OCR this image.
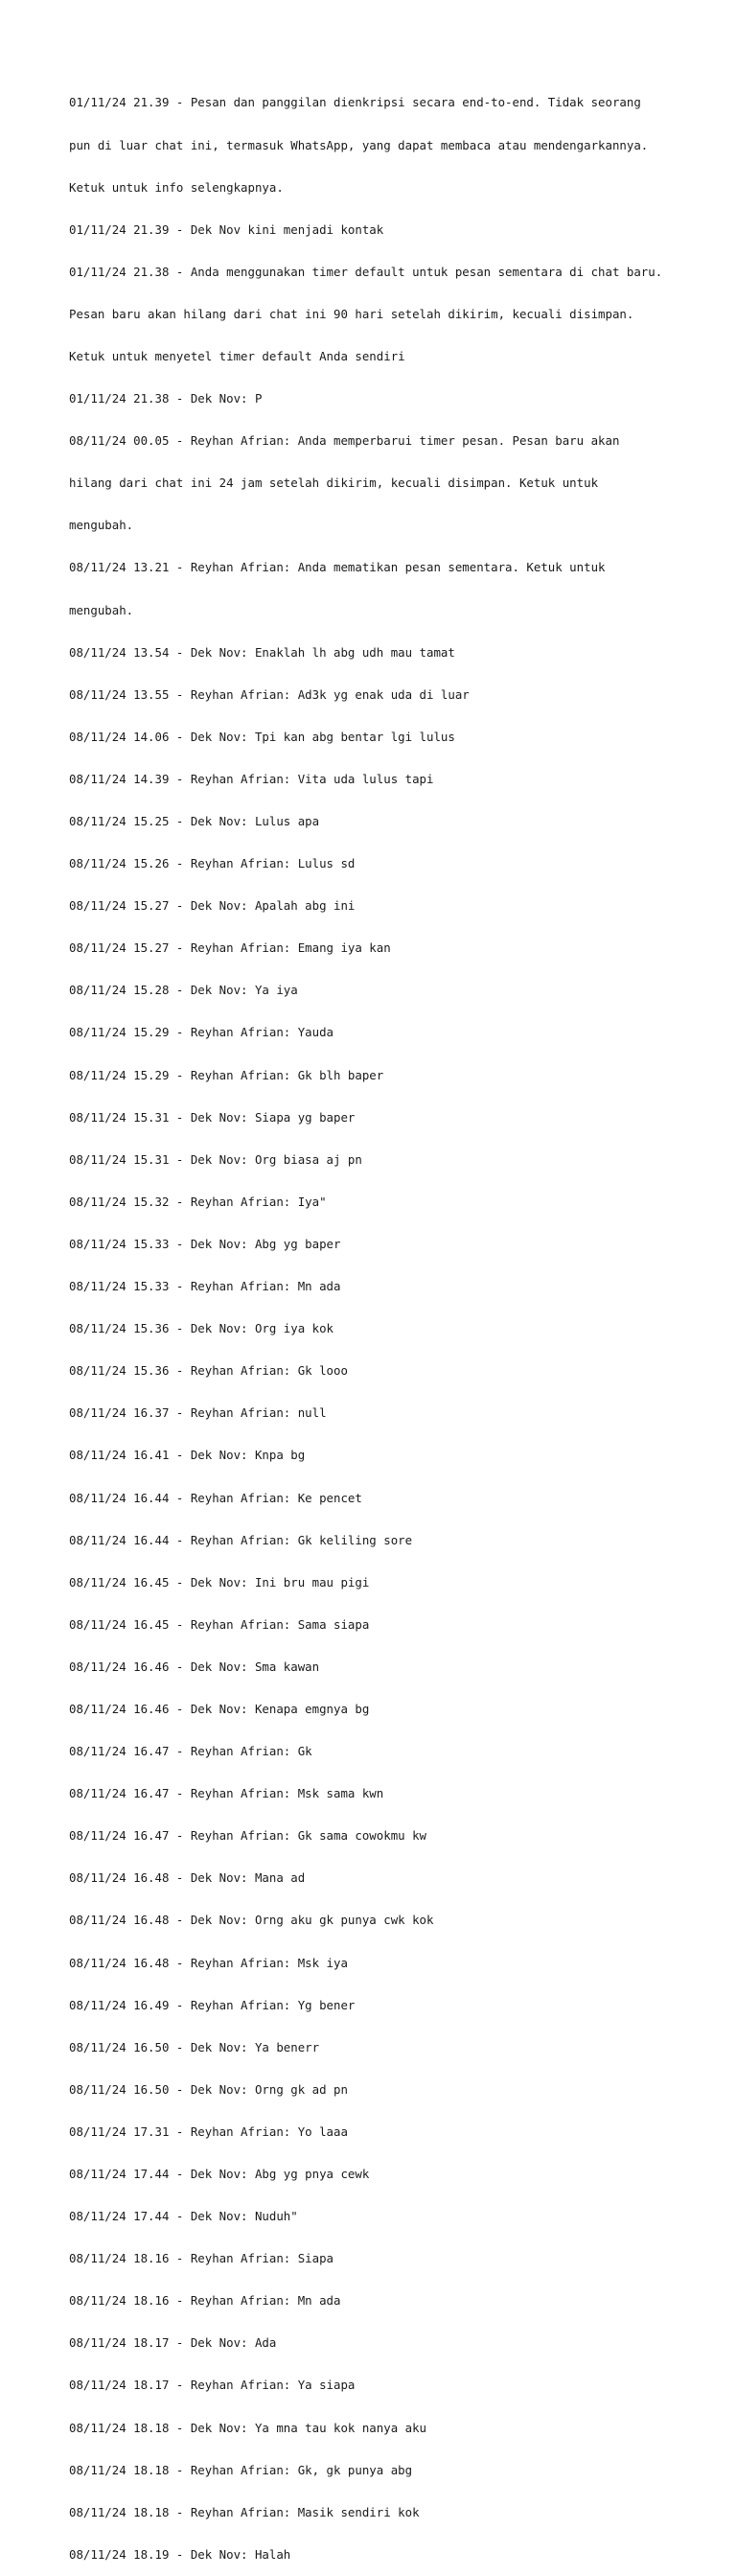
01/11/24 21.39 - Pesan dan panggilan dienkripsi secara end-to-end. Tidak seorang

pun di luar chat ini, termasuk WhatsApp, yang dapat membaca atau mendengarkannya.

Ketuk untuk info selengkapnya.

01/11/24 21.39 - Dek Nov kini menjadi kontak

01/11/24 21.38 - Anda menggunakan timer default untuk pesan sementara di chat baru.

Pesan baru akan hilang dari chat ini 90 hari setelah dikirim, kecuali disimpan.

Ketuk untuk menyetel timer default Anda sendiri

01/11/24 21.38 - Dek Nov: P

08/11/24 00.05 - Reyhan Afrian: Anda memperbarui timer pesan. Pesan baru akan

hilang dari chat ini 24 jam setelah dikirim, kecuali disimpan. Ketuk untuk

mengubah.

08/11/24 13.21 - Reyhan Afrian: Anda mematikan pesan sementara. Ketuk untuk

mengubah.

08/11/24 13.54 - Dek Nov: Enaklah lh abg udh mau tamat

08/11/24 13.55 - Reyhan Afrian: Ad3k yg enak uda di luar

08/11/24 14.06 - Dek Nov: Tpi kan abg bentar lgi lulus

08/11/24 14.39 - Reyhan Afrian: Vita uda lulus tapi

08/11/24 15.25 - Dek Nov: Lulus apa

08/11/24 15.26 - Reyhan Afrian: Lulus sd

08/11/24 15.27 - Dek Nov: Apalah abg ini

08/11/24 15.27 - Reyhan Afrian: Emang iya kan

08/11/24 15.28 - Dek Nov: Ya iya

08/11/24 15.29 - Reyhan Afrian: Yauda

08/11/24 15.29 - Reyhan Afrian: Gk blh baper

08/11/24 15.31 - Dek Nov: Siapa yg baper

08/11/24 15.31 - Dek Nov: Org biasa aj pn

08/11/24 15.32 - Reyhan Afrian: Iya"

08/11/24 15.33 - Dek Nov: Abg yg baper

08/11/24 15.33 - Reyhan Afrian: Mn ada

08/11/24 15.36 - Dek Nov: Org iya kok

08/11/24 15.36 - Reyhan Afrian: Gk looo

08/11/24 16.37 - Reyhan Afrian: null

08/11/24 16.41 - Dek Nov: Knpa bg

08/11/24 16.44 - Reyhan Afrian: Ke pencet

08/11/24 16.44 - Reyhan Afrian: Gk keliling sore

08/11/24 16.45 - Dek Nov: Ini bru mau pigi

08/11/24 16.45 - Reyhan Afrian: Sama siapa

08/11/24 16.46 - Dek Nov: Sma kawan

08/11/24 16.46 - Dek Nov: Kenapa emgnya bg

08/11/24 16.47 - Reyhan Afrian: Gk

08/11/24 16.47 - Reyhan Afrian: Msk sama kwn

08/11/24 16.47 - Reyhan Afrian: Gk sama cowokmu kw

08/11/24 16.48 - Dek Nov: Mana ad

08/11/24 16.48 - Dek Nov: Orng aku gk punya cwk kok

08/11/24 16.48 - Reyhan Afrian: Msk iya

08/11/24 16.49 - Reyhan Afrian: Yg bener

08/11/24 16.50 - Dek Nov: Ya benerr

08/11/24 16.50 - Dek Nov: Orng gk ad pn

08/11/24 17.31 - Reyhan Afrian: Yo laaa

08/11/24 17.44 - Dek Nov: Abg yg pnya cewk

08/11/24 17.44 - Dek Nov: Nuduh"

08/11/24 18.16 - Reyhan Afrian: Siapa

08/11/24 18.16 - Reyhan Afrian: Mn ada

08/11/24 18.17 - Dek Nov: Ada

08/11/24 18.17 - Reyhan Afrian: Ya siapa

08/11/24 18.18 - Dek Nov: Ya mna tau kok nanya aku

08/11/24 18.18 - Reyhan Afrian: Gk, gk punya abg

08/11/24 18.18 - Reyhan Afrian: Masik sendiri kok

08/11/24 18.19 - Dek Nov: Halah
